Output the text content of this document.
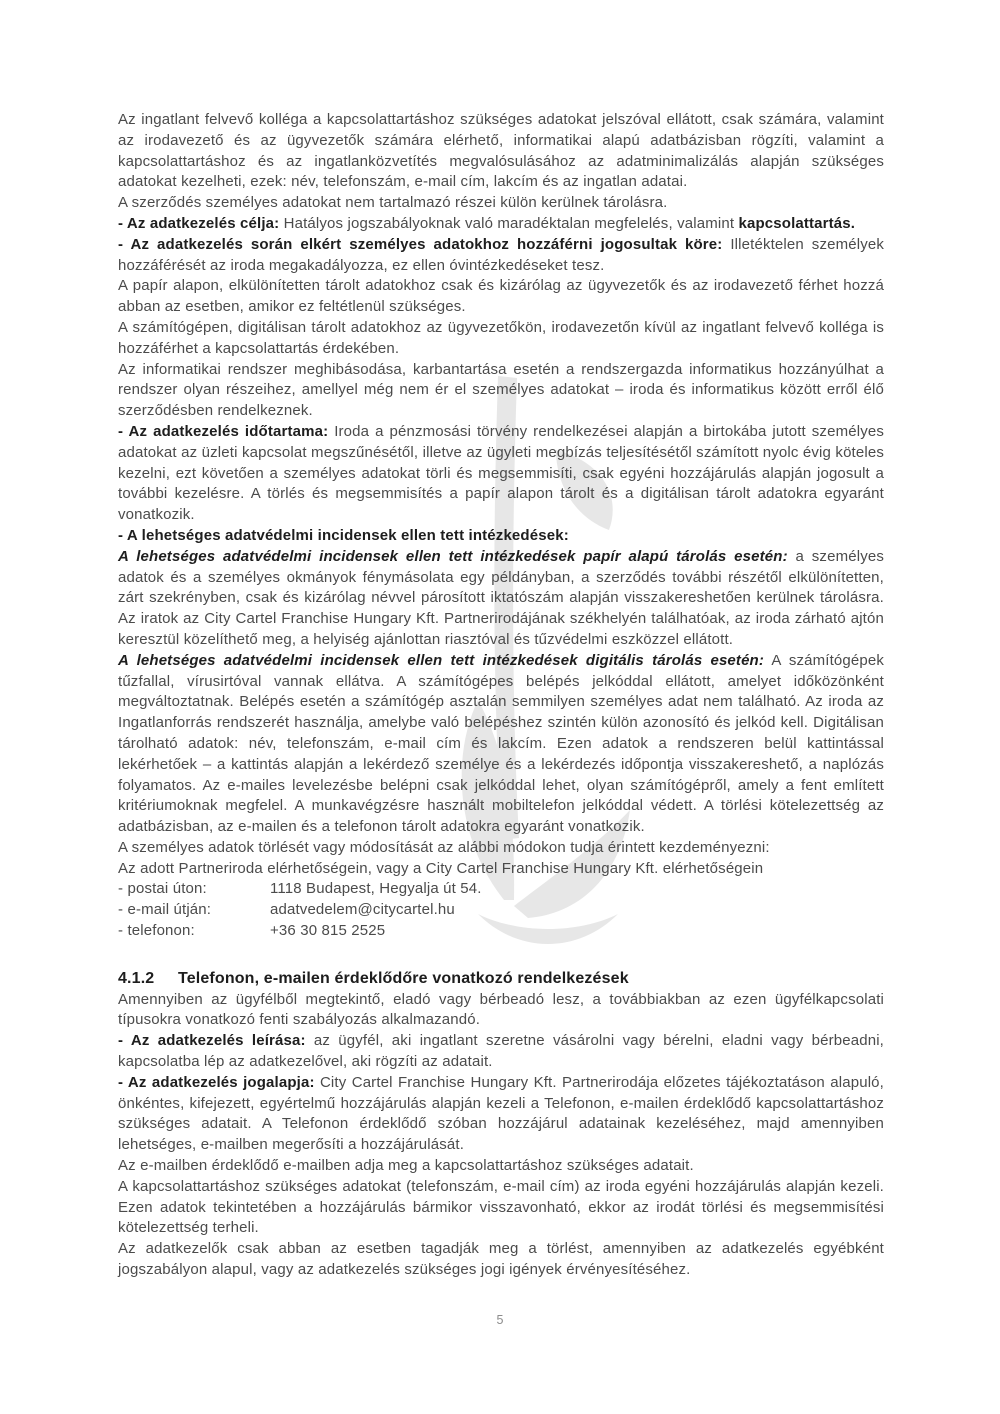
Az ingatlant felvevő kolléga a kapcsolattartáshoz szükséges adatokat jelszóval ellátott, csak számára, valamint az irodavezető és az ügyvezetők számára elérhető, informatikai alapú adatbázisban rögzíti, valamint a kapcsolattartáshoz és az ingatlanközvetítés megvalósulásához az adatminimalizálás alapján szükséges adatokat kezelheti, ezek: név, telefonszám, e-mail cím, lakcím és az ingatlan adatai.

A szerződés személyes adatokat nem tartalmazó részei külön kerülnek tárolásra.

- Az adatkezelés célja: Hatályos jogszabályoknak való maradéktalan megfelelés, valamint kapcsolattartás.

- Az adatkezelés során elkért személyes adatokhoz hozzáférni jogosultak köre: Illetéktelen személyek hozzáférését az iroda megakadályozza, ez ellen óvintézkedéseket tesz.

A papír alapon, elkülönítetten tárolt adatokhoz csak és kizárólag az ügyvezetők és az irodavezető férhet hozzá abban az esetben, amikor ez feltétlenül szükséges.

A számítógépen, digitálisan tárolt adatokhoz az ügyvezetőkön, irodavezetőn kívül az ingatlant felvevő kolléga is hozzáférhet a kapcsolattartás érdekében.

Az informatikai rendszer meghibásodása, karbantartása esetén a rendszergazda informatikus hozzányúlhat a rendszer olyan részeihez, amellyel még nem ér el személyes adatokat – iroda és informatikus között erről élő szerződésben rendelkeznek.

- Az adatkezelés időtartama: Iroda a pénzmosási törvény rendelkezései alapján a birtokába jutott személyes adatokat az üzleti kapcsolat megszűnésétől, illetve az ügyleti megbízás teljesítésétől számított nyolc évig köteles kezelni, ezt követően a személyes adatokat törli és megsemmisíti, csak egyéni hozzájárulás alapján jogosult a további kezelésre. A törlés és megsemmisítés a papír alapon tárolt és a digitálisan tárolt adatokra egyaránt vonatkozik.

- A lehetséges adatvédelmi incidensek ellen tett intézkedések:

A lehetséges adatvédelmi incidensek ellen tett intézkedések papír alapú tárolás esetén: a személyes adatok és a személyes okmányok fénymásolata egy példányban, a szerződés további részétől elkülönítetten, zárt szekrényben, csak és kizárólag névvel párosított iktatószám alapján visszakereshetően kerülnek tárolásra. Az iratok az City Cartel Franchise Hungary Kft. Partnerirodájának székhelyén találhatóak, az iroda zárható ajtón keresztül közelíthető meg, a helyiség ajánlottan riasztóval és tűzvédelmi eszközzel ellátott.

A lehetséges adatvédelmi incidensek ellen tett intézkedések digitális tárolás esetén: A számítógépek tűzfallal, vírusirtóval vannak ellátva. A számítógépes belépés jelkóddal ellátott, amelyet időközönként megváltoztatnak. Belépés esetén a számítógép asztalán semmilyen személyes adat nem található. Az iroda az Ingatlanforrás rendszerét használja, amelybe való belépéshez szintén külön azonosító és jelkód kell. Digitálisan tárolható adatok: név, telefonszám, e-mail cím és lakcím. Ezen adatok a rendszeren belül kattintással lekérhetőek – a kattintás alapján a lekérdező személye és a lekérdezés időpontja visszakereshető, a naplózás folyamatos. Az e-mailes levelezésbe belépni csak jelkóddal lehet, olyan számítógépről, amely a fent említett kritériumoknak megfelel. A munkavégzésre használt mobiltelefon jelkóddal védett. A törlési kötelezettség az adatbázisban, az e-mailen és a telefonon tárolt adatokra egyaránt vonatkozik.

A személyes adatok törlését vagy módosítását az alábbi módokon tudja érintett kezdeményezni:

Az adott Partneriroda elérhetőségein, vagy a City Cartel Franchise Hungary Kft. elérhetőségein

- postai úton:	1118 Budapest, Hegyalja út 54.
- e-mail útján:	adatvedelem@citycartel.hu
- telefonon:	+36 30 815 2525

4.1.2	Telefonon, e-mailen érdeklődőre vonatkozó rendelkezések

Amennyiben az ügyfélből megtekintő, eladó vagy bérbeadó lesz, a továbbiakban az ezen ügyfélkapcsolati típusokra vonatkozó fenti szabályozás alkalmazandó.

- Az adatkezelés leírása: az ügyfél, aki ingatlant szeretne vásárolni vagy bérelni, eladni vagy bérbeadni, kapcsolatba lép az adatkezelővel, aki rögzíti az adatait.

- Az adatkezelés jogalapja: City Cartel Franchise Hungary Kft. Partnerirodája előzetes tájékoztatáson alapuló, önkéntes, kifejezett, egyértelmű hozzájárulás alapján kezeli a Telefonon, e-mailen érdeklődő kapcsolattartáshoz szükséges adatait. A Telefonon érdeklődő szóban hozzájárul adatainak kezeléséhez, majd amennyiben lehetséges, e-mailben megerősíti a hozzájárulását.

Az e-mailben érdeklődő e-mailben adja meg a kapcsolattartáshoz szükséges adatait.

A kapcsolattartáshoz szükséges adatokat (telefonszám, e-mail cím) az iroda egyéni hozzájárulás alapján kezeli. Ezen adatok tekintetében a hozzájárulás bármikor visszavonható, ekkor az irodát törlési és megsemmisítési kötelezettség terheli.

Az adatkezelők csak abban az esetben tagadják meg a törlést, amennyiben az adatkezelés egyébként jogszabályon alapul, vagy az adatkezelés szükséges jogi igények érvényesítéséhez.

5
